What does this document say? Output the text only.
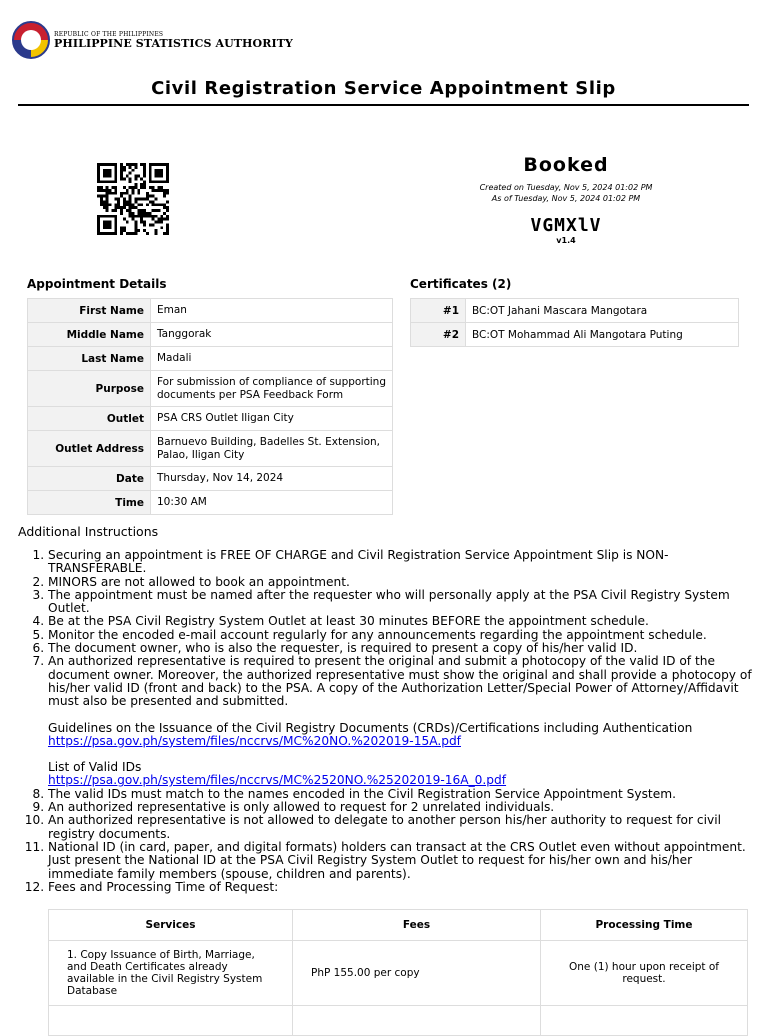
REPUBLIC OF THE PHILIPPINES
PHILIPPINE STATISTICS AUTHORITY
Civil Registration Service Appointment Slip
Booked
Created on Tuesday, Nov 5, 2024 01:02 PM
As of Tuesday, Nov 5, 2024 01:02 PM
VGMXlV
v1.4
Appointment Details	Certificates (2)
First Name	Eman
Middle Name	Tanggorak
Last Name	Madali
Purpose	For submission of compliance of supporting documents per PSA Feedback Form
Outlet	PSA CRS Outlet Iligan City
Outlet Address	Barnuevo Building, Badelles St. Extension, Palao, Iligan City
Date	Thursday, Nov 14, 2024
Time	10:30 AM
#1	BC:OT Jahani Mascara Mangotara
#2	BC:OT Mohammad Ali Mangotara Puting
Additional Instructions
1. Securing an appointment is FREE OF CHARGE and Civil Registration Service Appointment Slip is NON-TRANSFERABLE.
2. MINORS are not allowed to book an appointment.
3. The appointment must be named after the requester who will personally apply at the PSA Civil Registry System Outlet.
4. Be at the PSA Civil Registry System Outlet at least 30 minutes BEFORE the appointment schedule.
5. Monitor the encoded e-mail account regularly for any announcements regarding the appointment schedule.
6. The document owner, who is also the requester, is required to present a copy of his/her valid ID.
7. An authorized representative is required to present the original and submit a photocopy of the valid ID of the document owner. Moreover, the authorized representative must show the original and shall provide a photocopy of his/her valid ID (front and back) to the PSA. A copy of the Authorization Letter/Special Power of Attorney/Affidavit must also be presented and submitted.
Guidelines on the Issuance of the Civil Registry Documents (CRDs)/Certifications including Authentication
https://psa.gov.ph/system/files/nccrvs/MC%20NO.%202019-15A.pdf
List of Valid IDs
https://psa.gov.ph/system/files/nccrvs/MC%2520NO.%25202019-16A_0.pdf
8. The valid IDs must match to the names encoded in the Civil Registration Service Appointment System.
9. An authorized representative is only allowed to request for 2 unrelated individuals.
10. An authorized representative is not allowed to delegate to another person his/her authority to request for civil registry documents.
11. National ID (in card, paper, and digital formats) holders can transact at the CRS Outlet even without appointment. Just present the National ID at the PSA Civil Registry System Outlet to request for his/her own and his/her immediate family members (spouse, children and parents).
12. Fees and Processing Time of Request:
Services	Fees	Processing Time
1. Copy Issuance of Birth, Marriage, and Death Certificates already available in the Civil Registry System Database	PhP 155.00 per copy	One (1) hour upon receipt of request.
